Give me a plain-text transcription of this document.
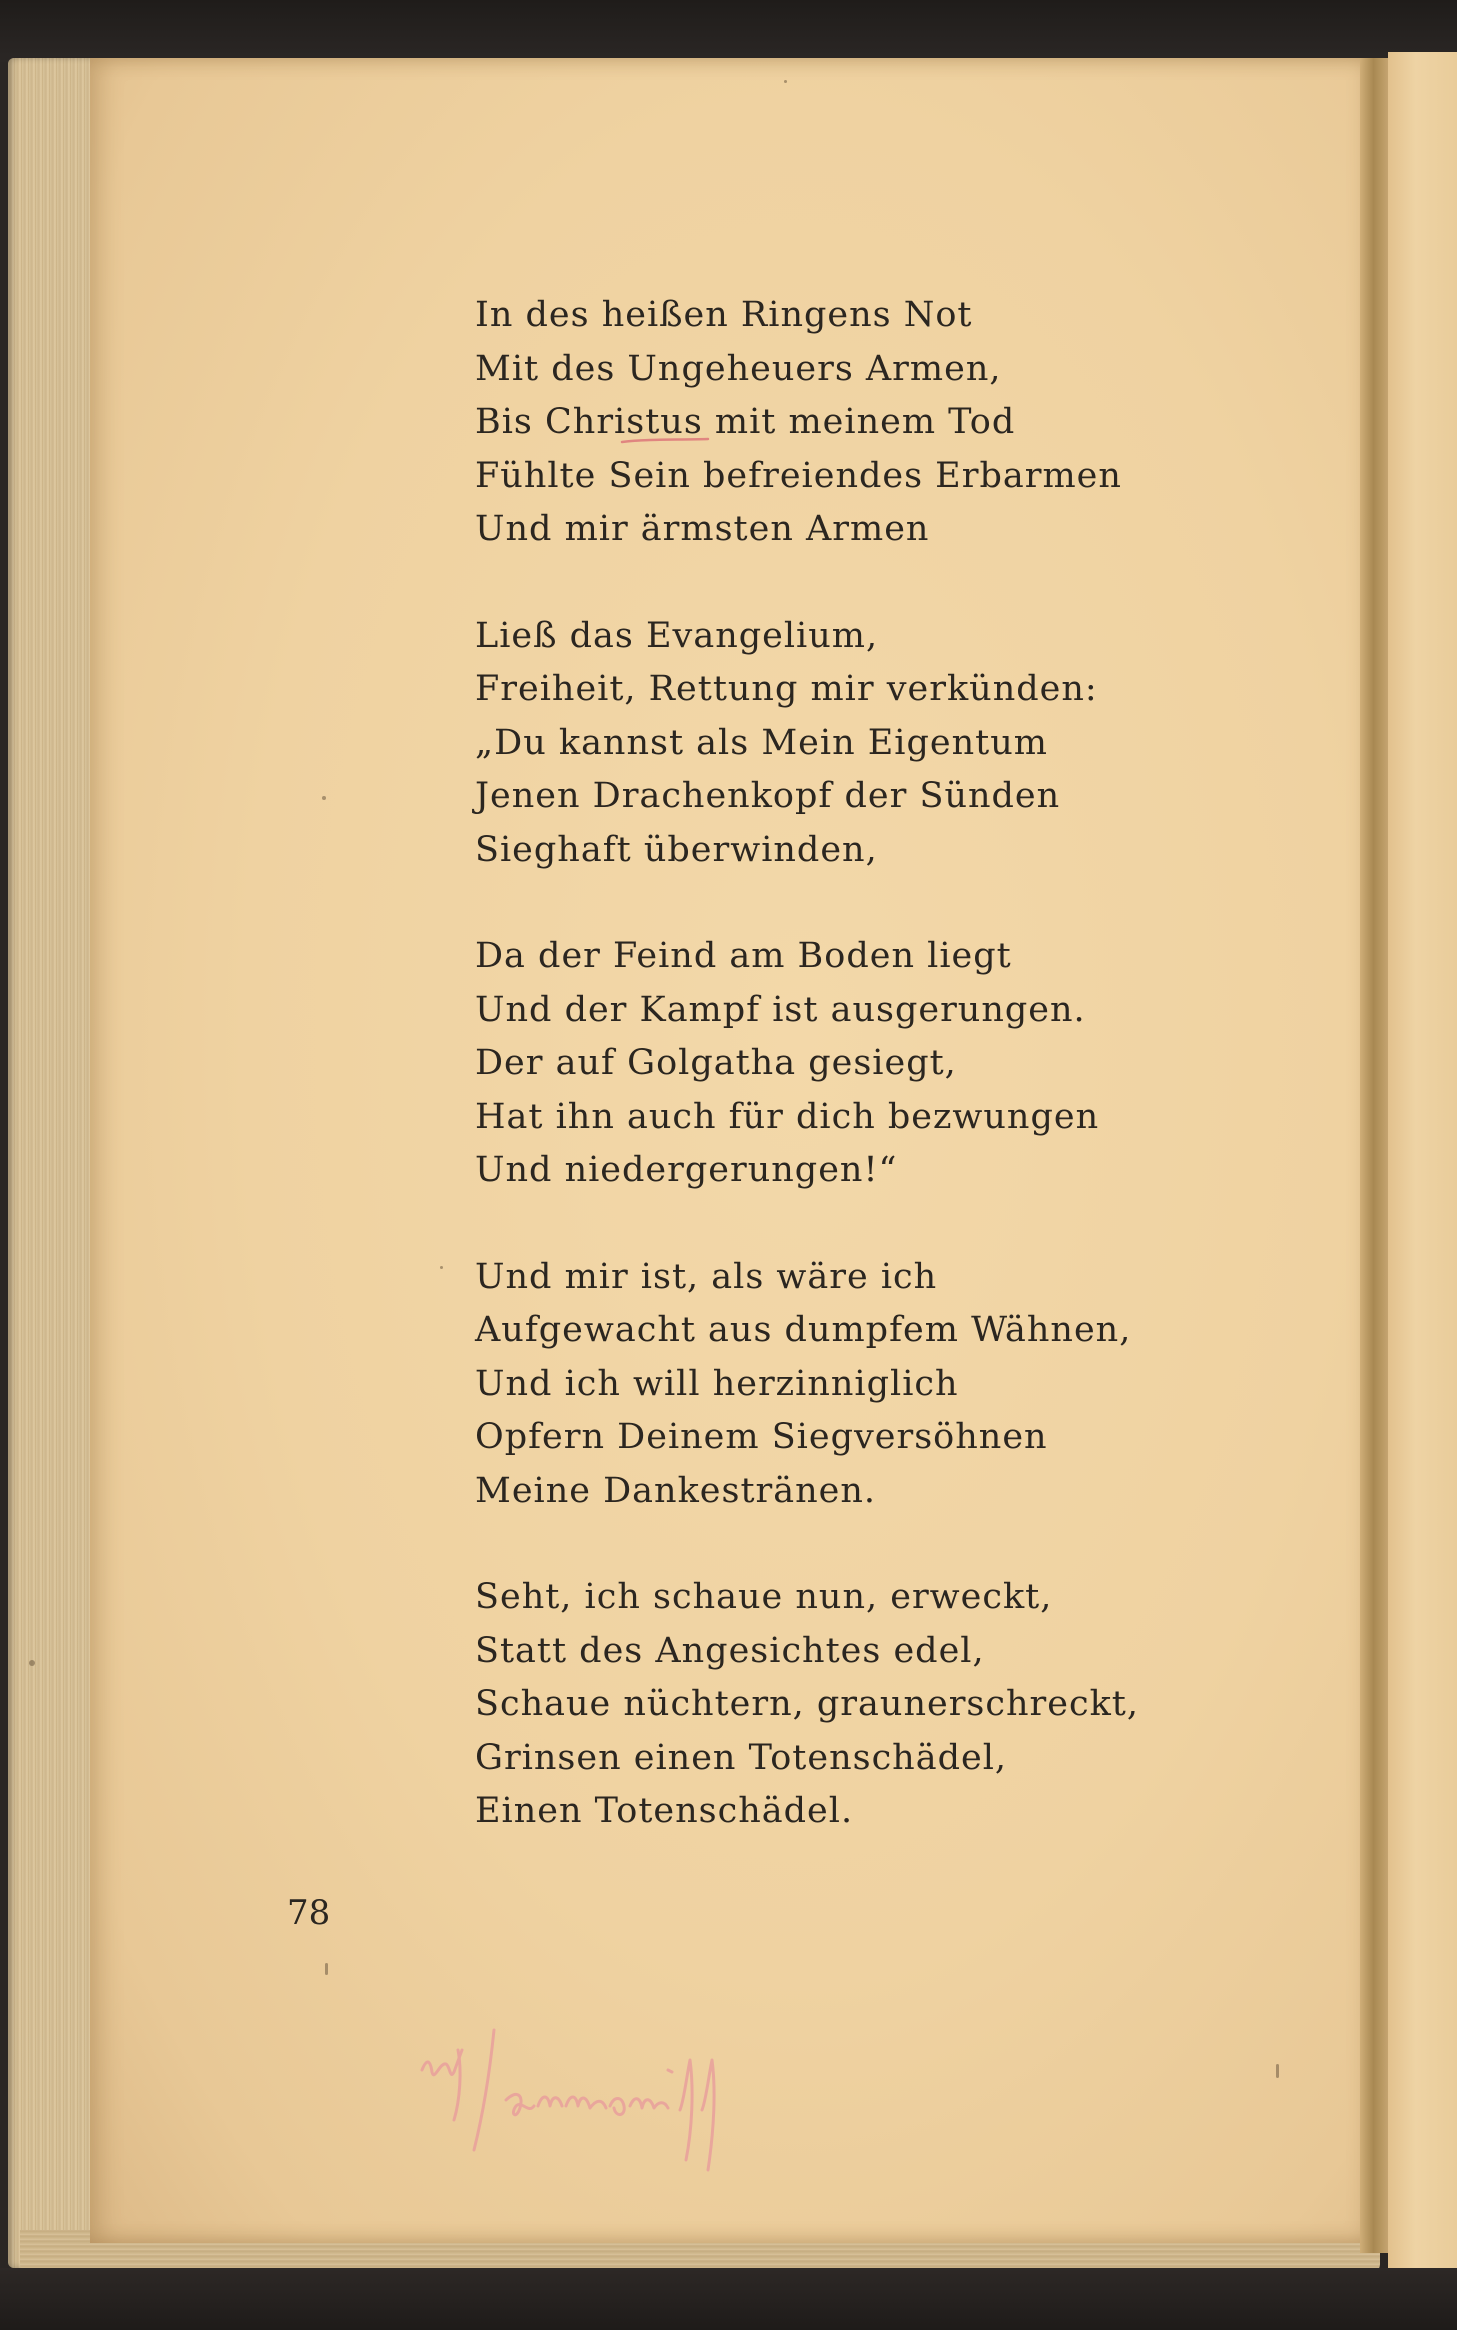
In des heißen Ringens Not
Mit des Ungeheuers Armen,
Bis Christus mit meinem Tod
Fühlte Sein befreiendes Erbarmen
Und mir ärmsten Armen
Ließ das Evangelium,
Freiheit, Rettung mir verkünden:
„Du kannst als Mein Eigentum
Jenen Drachenkopf der Sünden
Sieghaft überwinden,
Da der Feind am Boden liegt
Und der Kampf ist ausgerungen.
Der auf Golgatha gesiegt,
Hat ihn auch für dich bezwungen
Und niedergerungen!“
Und mir ist, als wäre ich
Aufgewacht aus dumpfem Wähnen,
Und ich will herzinniglich
Opfern Deinem Siegversöhnen
Meine Dankestränen.
Seht, ich schaue nun, erweckt,
Statt des Angesichtes edel,
Schaue nüchtern, graunerschreckt,
Grinsen einen Totenschädel,
Einen Totenschädel.
78
